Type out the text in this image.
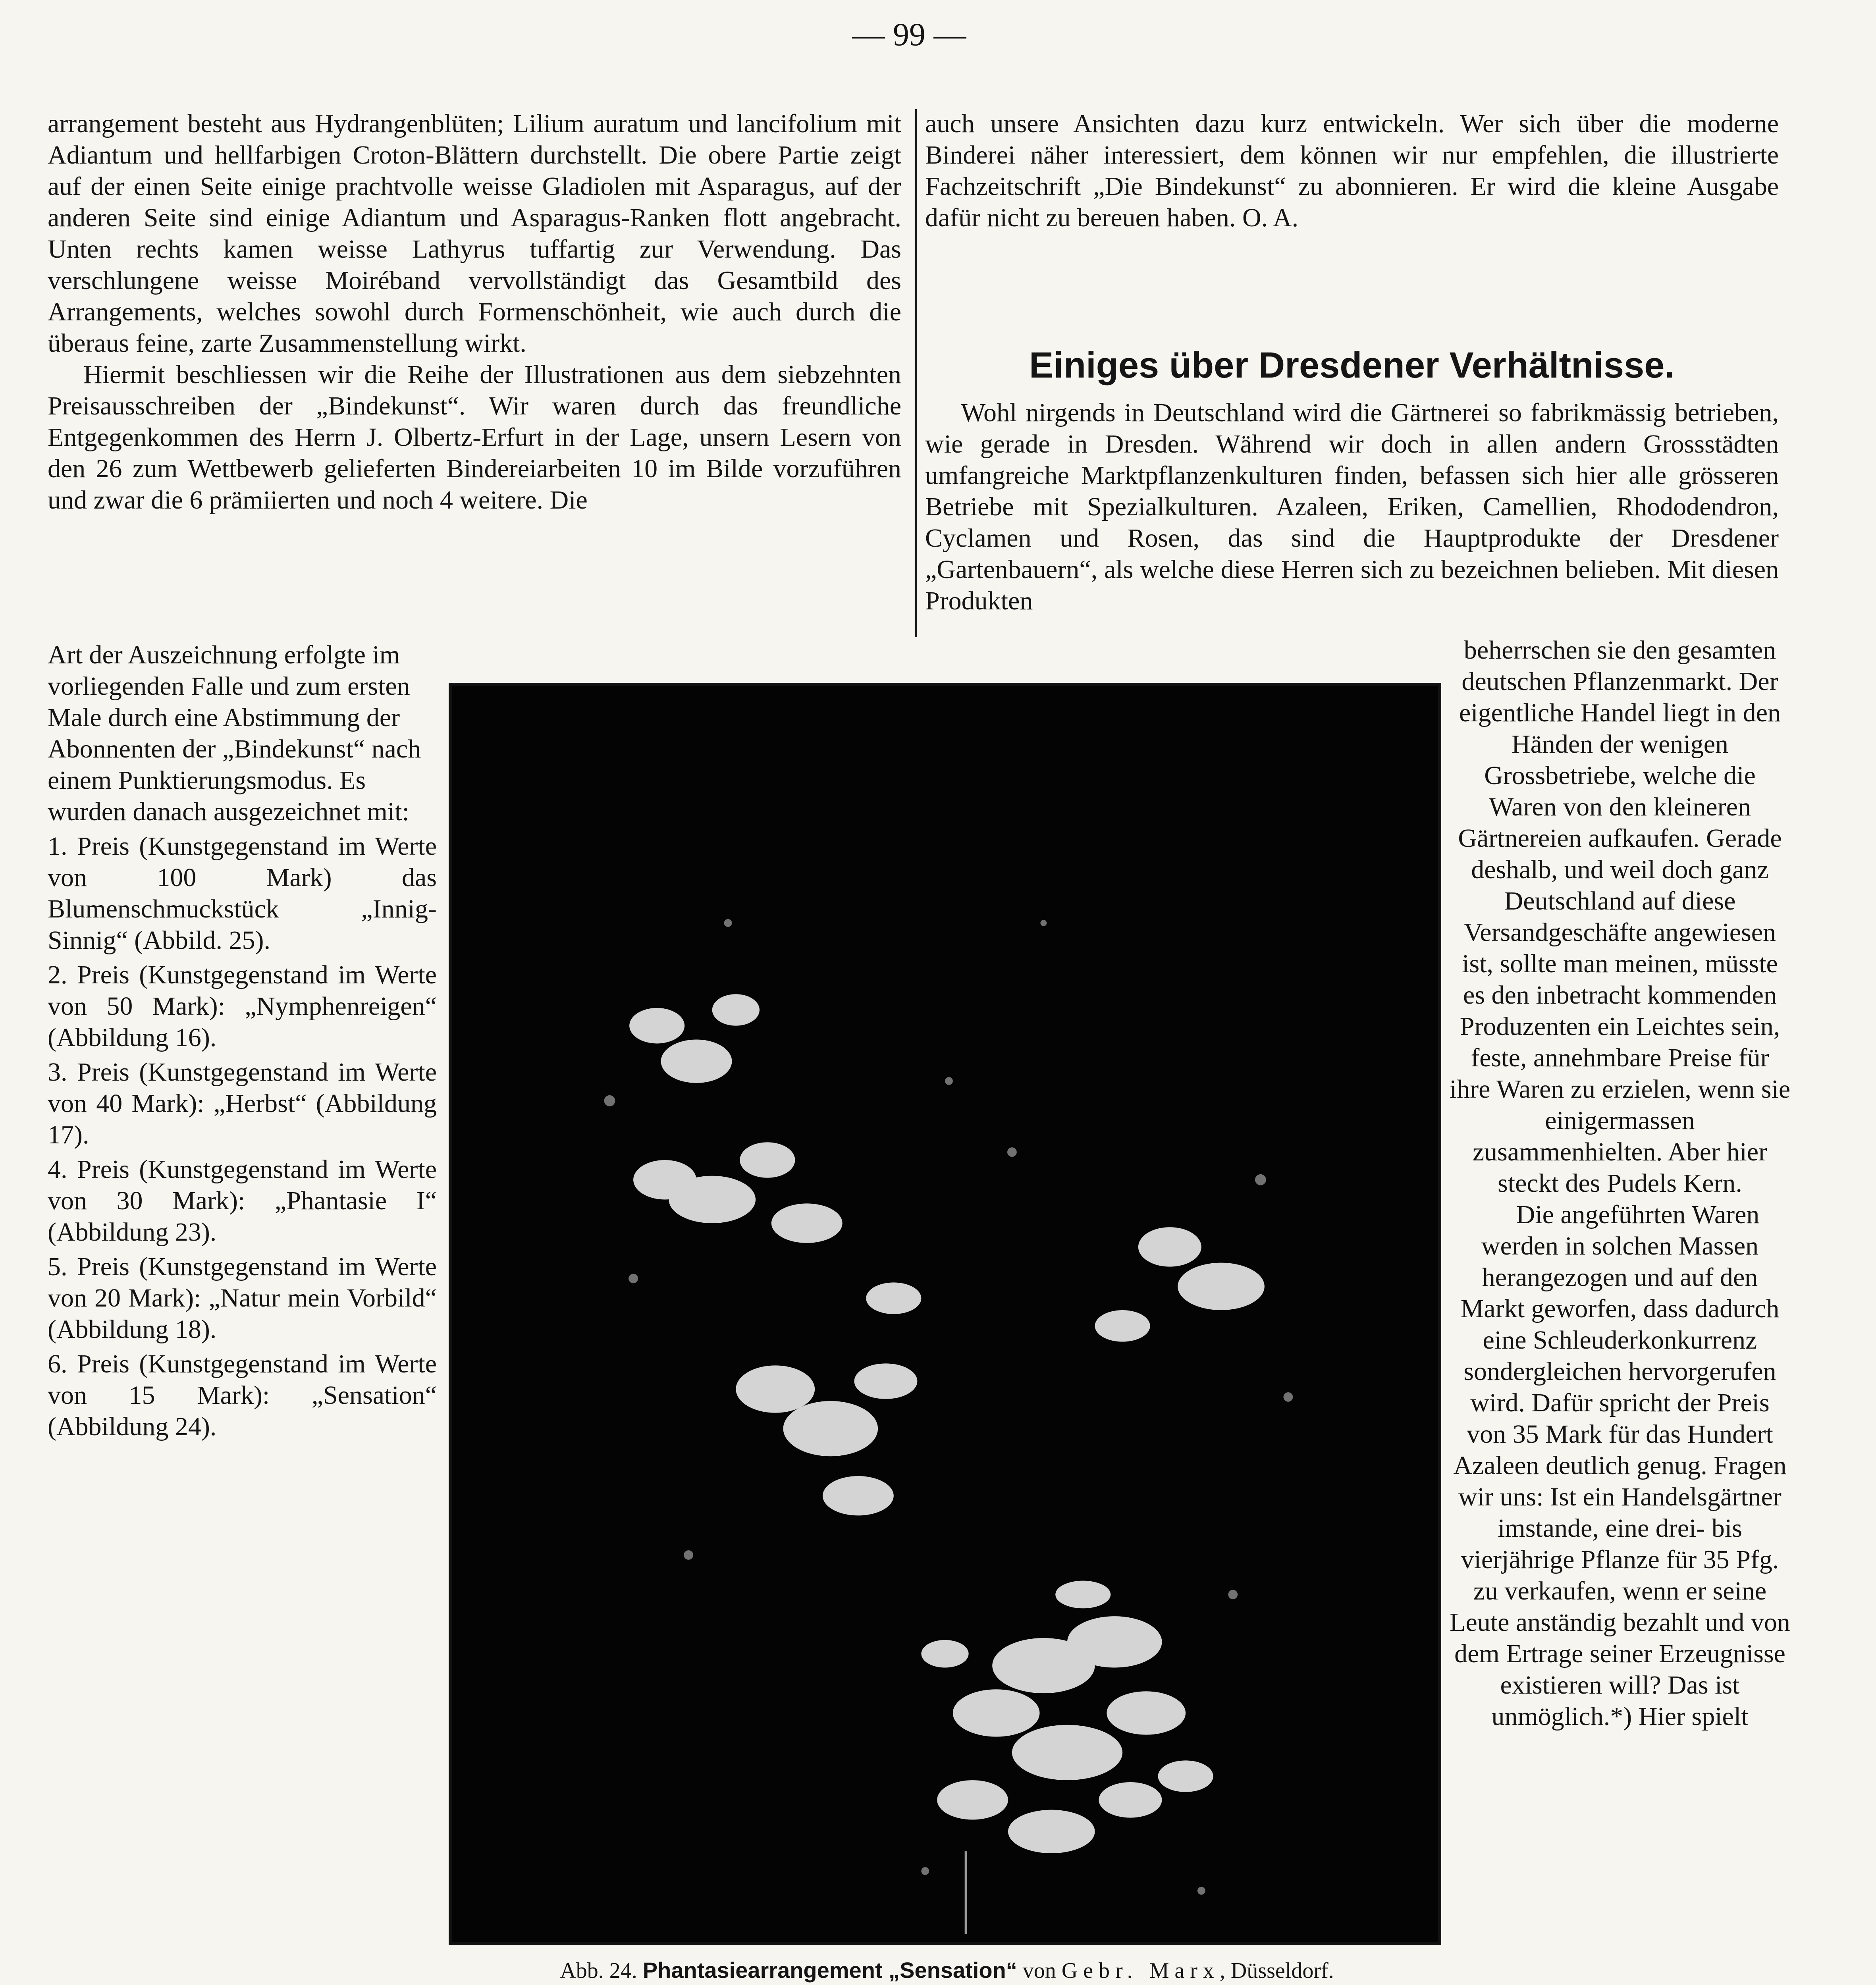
— 99 —

arrangement besteht aus Hydrangenblüten; Lilium auratum und lancifolium mit Adiantum und hellfarbigen Croton-Blättern durchstellt. Die obere Partie zeigt auf der einen Seite einige prachtvolle weisse Gladiolen mit Asparagus, auf der anderen Seite sind einige Adiantum und Asparagus-Ranken flott angebracht. Unten rechts kamen weisse Lathyrus tuffartig zur Verwendung. Das verschlungene weisse Moiréband vervollständigt das Gesamtbild des Arrangements, welches sowohl durch Formenschönheit, wie auch durch die überaus feine, zarte Zusammenstellung wirkt.

Hiermit beschliessen wir die Reihe der Illustrationen aus dem siebzehnten Preisausschreiben der „Bindekunst“. Wir waren durch das freundliche Entgegenkommen des Herrn J. Olbertz-Erfurt in der Lage, unsern Lesern von den 26 zum Wettbewerb gelieferten Bindereiarbeiten 10 im Bilde vorzuführen und zwar die 6 prämiierten und noch 4 weitere. Die

auch unsere Ansichten dazu kurz entwickeln. Wer sich über die moderne Binderei näher interessiert, dem können wir nur empfehlen, die illustrierte Fachzeitschrift „Die Bindekunst“ zu abonnieren. Er wird die kleine Ausgabe dafür nicht zu bereuen haben. O. A.

Einiges über Dresdener Verhältnisse.

Wohl nirgends in Deutschland wird die Gärtnerei so fabrikmässig betrieben, wie gerade in Dresden. Während wir doch in allen andern Grossstädten umfangreiche Marktpflanzenkulturen finden, befassen sich hier alle grösseren Betriebe mit Spezialkulturen. Azaleen, Eriken, Camellien, Rhododendron, Cyclamen und Rosen, das sind die Hauptprodukte der Dresdener „Gartenbauern“, als welche diese Herren sich zu bezeichnen belieben. Mit diesen Produkten

Art der Auszeichnung erfolgte im vorliegenden Falle und zum ersten Male durch eine Abstimmung der Abonnenten der „Bindekunst“ nach einem Punktierungsmodus. Es wurden danach ausgezeichnet mit:

1. Preis (Kunstgegenstand im Werte von 100 Mark) das Blumenschmuckstück „Innig-Sinnig“ (Abbild. 25).

2. Preis (Kunstgegenstand im Werte von 50 Mark): „Nymphenreigen“ (Abbildung 16).

3. Preis (Kunstgegenstand im Werte von 40 Mark): „Herbst“ (Abbildung 17).

4. Preis (Kunstgegenstand im Werte von 30 Mark): „Phantasie I“ (Abbildung 23).

5. Preis (Kunstgegenstand im Werte von 20 Mark): „Natur mein Vorbild“ (Abbildung 18).

6. Preis (Kunstgegenstand im Werte von 15 Mark): „Sensation“ (Abbildung 24).

Abb. 24. Phantasiearrangement „Sensation“ von Gebr. Marx, Düsseldorf.

beherrschen sie den gesamten deutschen Pflanzenmarkt. Der eigentliche Handel liegt in den Händen der wenigen Grossbetriebe, welche die Waren von den kleineren Gärtnereien aufkaufen. Gerade deshalb, und weil doch ganz Deutschland auf diese Versandgeschäfte angewiesen ist, sollte man meinen, müsste es den inbetracht kommenden Produzenten ein Leichtes sein, feste, annehmbare Preise für ihre Waren zu erzielen, wenn sie einigermassen zusammenhielten. Aber hier steckt des Pudels Kern.

Die angeführten Waren werden in solchen Massen herangezogen und auf den Markt geworfen, dass dadurch eine Schleuderkonkurrenz sondergleichen hervorgerufen wird. Dafür spricht der Preis von 35 Mark für das Hundert Azaleen deutlich genug. Fragen wir uns: Ist ein Handelsgärtner imstande, eine drei- bis vierjährige Pflanze für 35 Pfg. zu verkaufen, wenn er seine Leute anständig bezahlt und von dem Ertrage seiner Erzeugnisse existieren will? Das ist unmöglich.*) Hier spielt
